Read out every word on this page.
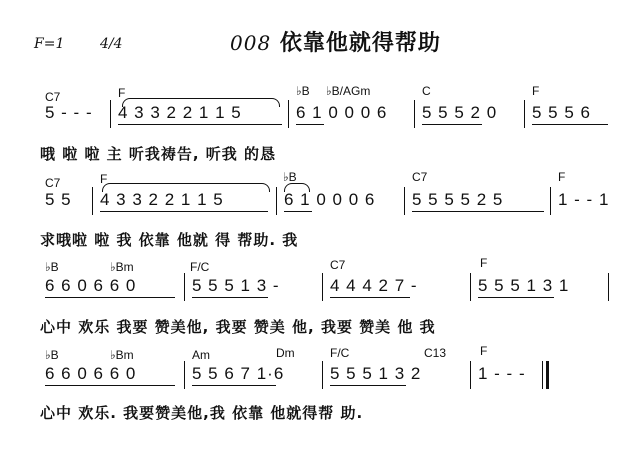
F=1	4/4	008 依靠他就得帮助
C7	F	♭B ♭B/AGm	C	F
5 - - - 4 3 3 2 2 1 1 5	6 1 0 0 0 6 5 5 5 2 0 5 5 5 6
哦 啦 啦 主 听我祷告, 听我 的恳
C7	F	♭B	C7	F
5 5 4 3 3 2 2 1 1 5	6 1 0 0 0 6 5 5 5 5 2 5	1 - - 1
求哦啦 啦 我 依靠 他就 得 帮助. 我
♭B	♭Bm	F/C	C7	F
6 6 0 6 6 0	5 5 5 1 3 -	4 4 4 2 7 -	5 5 5 1 3 1
心中 欢乐 我要 赞美他, 我要 赞美 他, 我要 赞美 他 我
♭B	♭Bm	Am	Dm	F/C	C13	F
6 6 0 6 6 0	5 5 6 7 1·6	5 5 5 1 3 2	1 - - -
心中 欢乐. 我要赞美他,我 依靠 他就得帮 助.
